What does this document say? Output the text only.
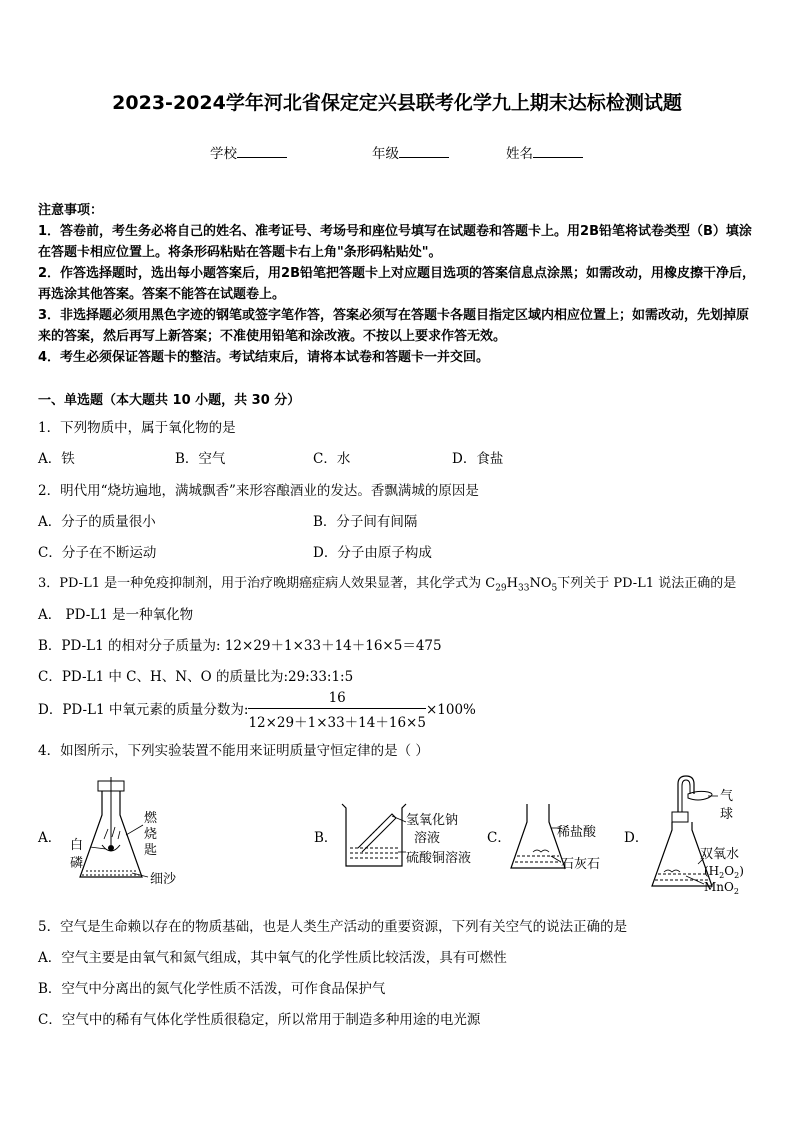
2023-2024学年河北省保定定兴县联考化学九上期末达标检测试题
学校	年级	姓名
注意事项：
1．答卷前，考生务必将自己的姓名、准考证号、考场号和座位号填写在试题卷和答题卡上。用2B铅笔将试卷类型（B）填涂在答题卡相应位置上。将条形码粘贴在答题卡右上角"条形码粘贴处"。
2．作答选择题时，选出每小题答案后，用2B铅笔把答题卡上对应题目选项的答案信息点涂黑；如需改动，用橡皮擦干净后，再选涂其他答案。答案不能答在试题卷上。
3．非选择题必须用黑色字迹的钢笔或签字笔作答，答案必须写在答题卡各题目指定区域内相应位置上；如需改动，先划掉原来的答案，然后再写上新答案；不准使用铅笔和涂改液。不按以上要求作答无效。
4．考生必须保证答题卡的整洁。考试结束后，请将本试卷和答题卡一并交回。
一、单选题（本大题共 10 小题，共 30 分）
1．下列物质中，属于氧化物的是
A．铁	B．空气	C．水	D．食盐
2．明代用“烧坊遍地，满城飘香”来形容酿酒业的发达。香飘满城的原因是
A．分子的质量很小	B．分子间有间隔
C．分子在不断运动	D．分子由原子构成
3．PD-L1 是一种免疫抑制剂，用于治疗晚期癌症病人效果显著，其化学式为 $C_{29}H_{33}NO_5$下列关于 PD-L1 说法正确的是
A． PD-L1 是一种氧化物
B．PD-L1 的相对分子质量为: 12×29＋1×33＋14＋16×5＝475
C．PD-L1 中 C、H、N、O 的质量比为:29:33:1:5
D．PD-L1 中氧元素的质量分数为: $\frac{16}{12\times 29+1\times 33+14+16\times 5} \times 100\%$
4．如图所示，下列实验装置不能用来证明质量守恒定律的是（ ）
A．	B．	C．	D．
燃
烧
匙
白
磷
细沙
氢氧化钠
溶液
硫酸铜溶液
稀盐酸
石灰石
气
球
双氧水
$(H_2O_2)$
MnO$_2$
5．空气是生命赖以存在的物质基础，也是人类生产活动的重要资源，下列有关空气的说法正确的是
A．空气主要是由氧气和氮气组成，其中氧气的化学性质比较活泼，具有可燃性
B．空气中分离出的氮气化学性质不活泼，可作食品保护气
C．空气中的稀有气体化学性质很稳定，所以常用于制造多种用途的电光源
